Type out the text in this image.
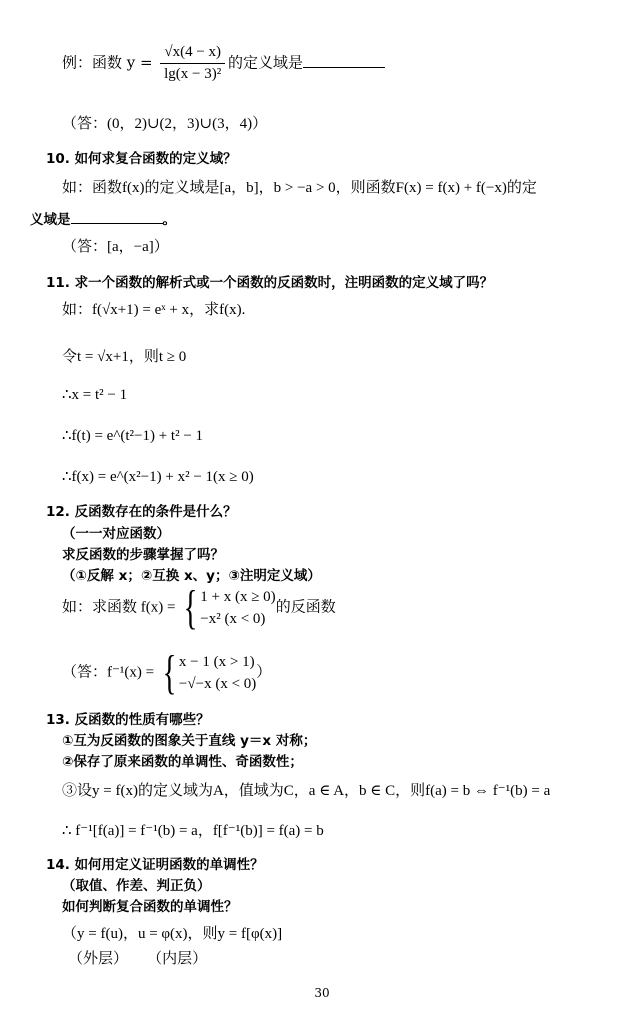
例：函数 $y = \frac{√x(4 - x)}{\text{lg(x − 3)²}}$ 的定义域是
（答：(0，2)∪(2，3)∪(3，4)）
10. 如何求复合函数的定义域？
如：函数f(x)的定义域是[a，b]，b > −a > 0，则函数F(x) = f(x) + f(−x)的定
义域是	。
（答：[a，−a]）
11. 求一个函数的解析式或一个函数的反函数时，注明函数的定义域了吗？
如：f(√x+1) = eˣ + x，求f(x).
令t = √x+1，则t ≥ 0
∴x = t² − 1
∴f(t) = e^(t²−1) + t² − 1
∴f(x) = e^(x²−1) + x² − 1(x ≥ 0)
12. 反函数存在的条件是什么？
（一一对应函数）
求反函数的步骤掌握了吗？
（①反解 x；②互换 x、y；③注明定义域）
如：求函数 f(x) = { 1 + x (x ≥ 0)
−x² (x < 0)
的反函数
（答：f⁻¹(x) = { x − 1 (x > 1)
−√−x (x < 0)
）
13. 反函数的性质有哪些？
①互为反函数的图象关于直线 y＝x 对称；
②保存了原来函数的单调性、奇函数性；
③设y = f(x)的定义域为A，值域为C，a ∈ A，b ∈ C，则f(a) = b ⇔ f⁻¹(b) = a
∴ f⁻¹[f(a)] = f⁻¹(b) = a，f[f⁻¹(b)] = f(a) = b
14. 如何用定义证明函数的单调性？
（取值、作差、判正负）
如何判断复合函数的单调性？
（y = f(u)，u = φ(x)，则y = f[φ(x)]
（外层）    （内层）
30
